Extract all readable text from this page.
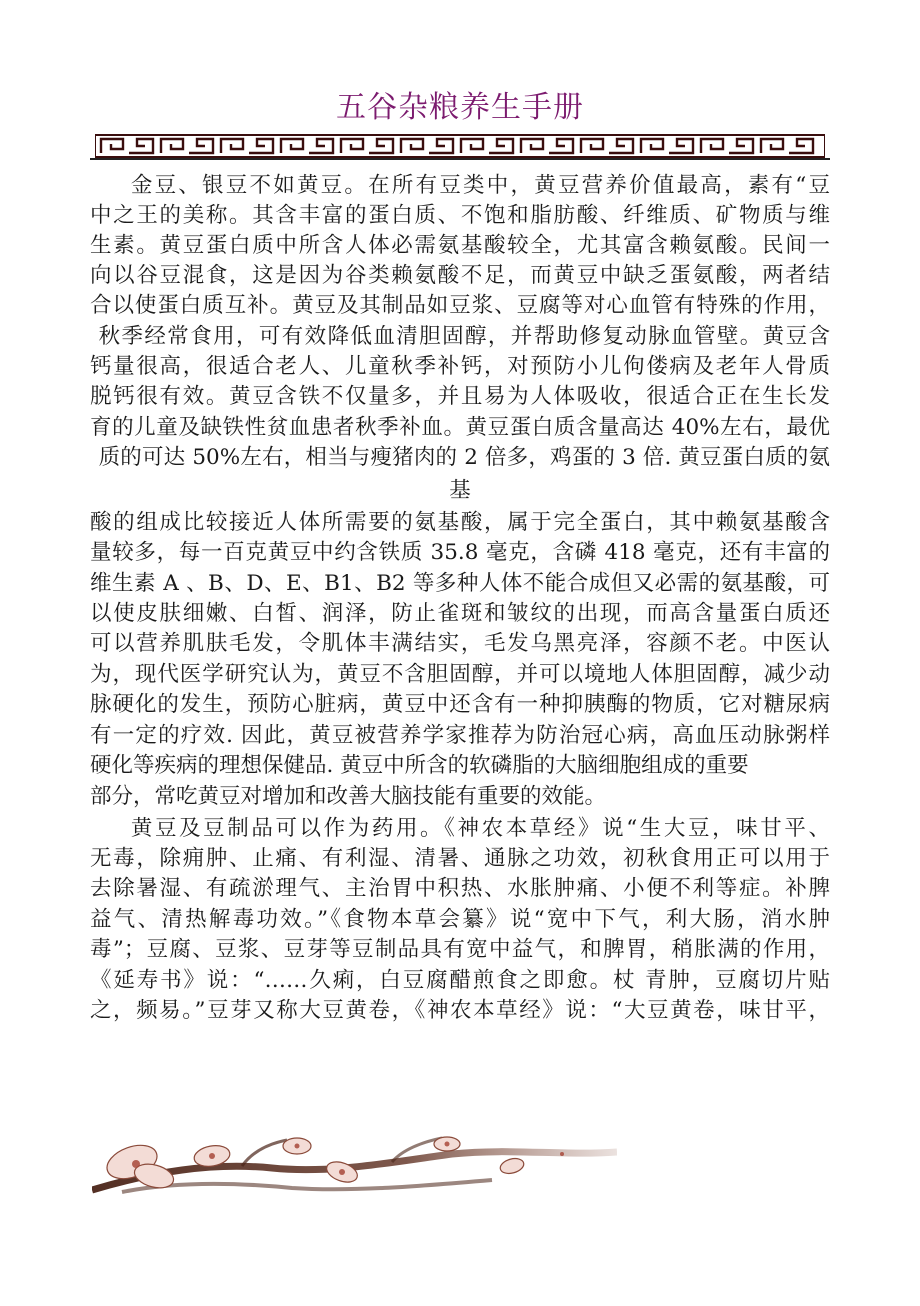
五谷杂粮养生手册
金豆、银豆不如黄豆。在所有豆类中，黄豆营养价值最高，素有“豆
中之王的美称。其含丰富的蛋白质、不饱和脂肪酸、纤维质、矿物质与维
生素。黄豆蛋白质中所含人体必需氨基酸较全，尤其富含赖氨酸。民间一
向以谷豆混食，这是因为谷类赖氨酸不足，而黄豆中缺乏蛋氨酸，两者结
合以使蛋白质互补。黄豆及其制品如豆浆、豆腐等对心血管有特殊的作用，
秋季经常食用，可有效降低血清胆固醇，并帮助修复动脉血管壁。黄豆含
钙量很高，很适合老人、儿童秋季补钙，对预防小儿佝偻病及老年人骨质
脱钙很有效。黄豆含铁不仅量多，并且易为人体吸收，很适合正在生长发
育的儿童及缺铁性贫血患者秋季补血。黄豆蛋白质含量高达 40%左右，最优
质的可达 50%左右，相当与瘦猪肉的 2 倍多，鸡蛋的 3 倍. 黄豆蛋白质的氨
基
酸的组成比较接近人体所需要的氨基酸，属于完全蛋白，其中赖氨基酸含
量较多，每一百克黄豆中约含铁质 35.8 毫克，含磷 418 毫克，还有丰富的
维生素 A 、B、D、E、B1、B2 等多种人体不能合成但又必需的氨基酸，可
以使皮肤细嫩、白皙、润泽，防止雀斑和皱纹的出现，而高含量蛋白质还
可以营养肌肤毛发，令肌体丰满结实，毛发乌黑亮泽，容颜不老。中医认
为，现代医学研究认为，黄豆不含胆固醇，并可以境地人体胆固醇，减少动
脉硬化的发生，预防心脏病，黄豆中还含有一种抑胰酶的物质，它对糖尿病
有一定的疗效. 因此，黄豆被营养学家推荐为防治冠心病，高血压动脉粥样
硬化等疾病的理想保健品. 黄豆中所含的软磷脂的大脑细胞组成的重要
部分，常吃黄豆对增加和改善大脑技能有重要的效能。
黄豆及豆制品可以作为药用。《神农本草经》说“生大豆，味甘平、
无毒，除痈肿、止痛、有利湿、清暑、通脉之功效，初秋食用正可以用于
去除暑湿、有疏淤理气、主治胃中积热、水胀肿痛、小便不利等症。补脾
益气、清热解毒功效。”《食物本草会纂》说“宽中下气，利大肠，消水肿
毒”；豆腐、豆浆、豆芽等豆制品具有宽中益气，和脾胃，稍胀满的作用，
《延寿书》说：“……久痢，白豆腐醋煎食之即愈。杖 青肿，豆腐切片贴
之，频易。”豆芽又称大豆黄卷，《神农本草经》说：“大豆黄卷，味甘平，
